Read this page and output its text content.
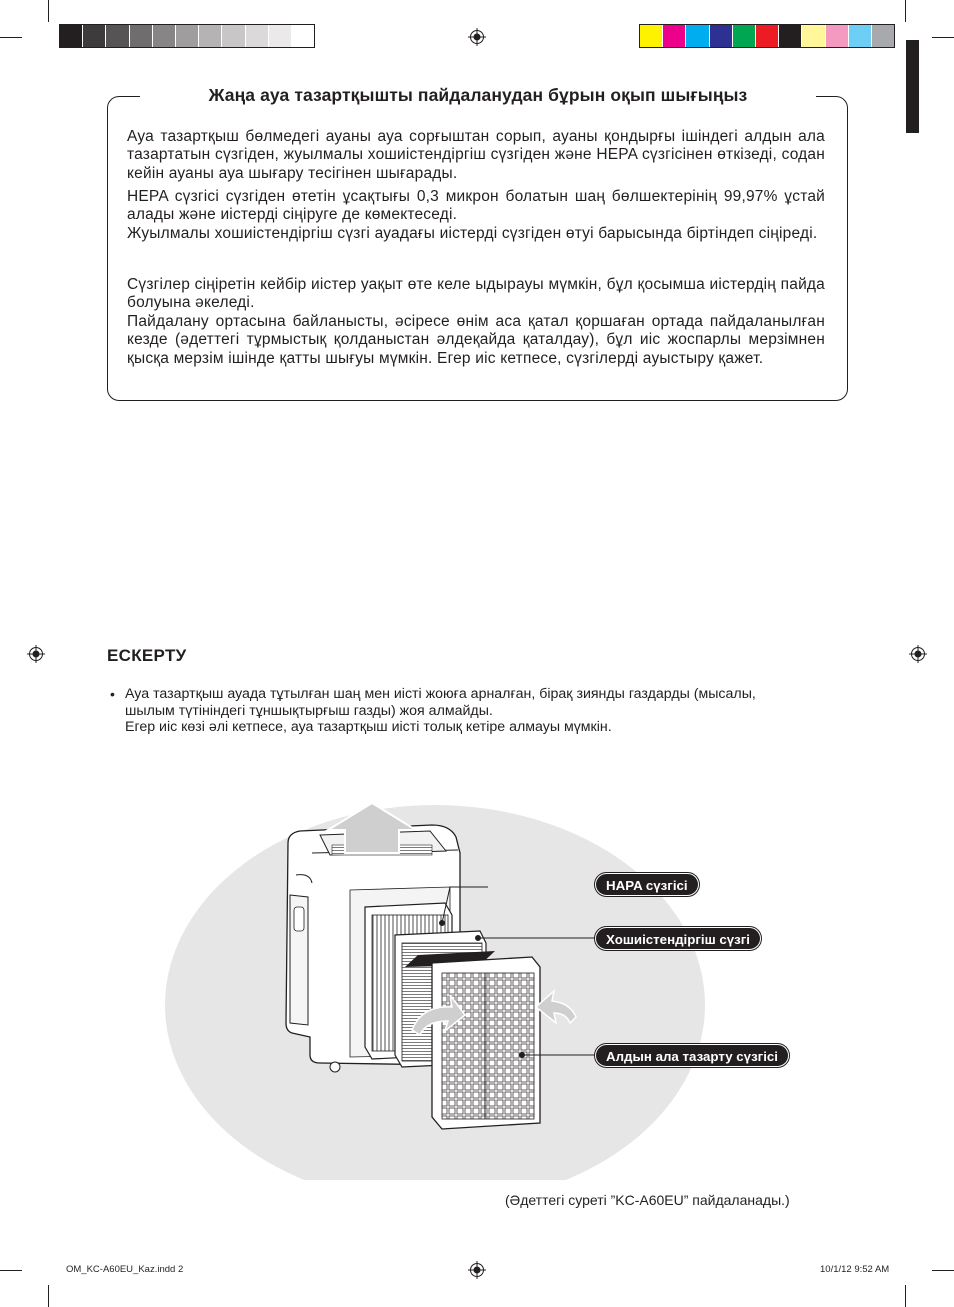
Жаңа ауа тазартқышты пайдаланудан бұрын оқып шығыңыз
Ауа тазартқыш бөлмедегі ауаны ауа сорғыштан сорып, ауаны қондырғы ішіндегі алдын ала тазартатын сүзгіден, жуылмалы хошиістендіргіш сүзгіден және HEPA сүзгісінен өткізеді, содан кейін ауаны ауа шығару тесігінен шығарады.
HEPA сүзгісі сүзгіден өтетін ұсақтығы 0,3 микрон болатын шаң бөлшектерінің 99,97% ұстай алады және иістерді сіңіруге де көмектеседі.
Жуылмалы хошиістендіргіш сүзгі ауадағы иістерді сүзгіден өтуі барысында біртіндеп сіңіреді.
Сүзгілер сіңіретін кейбір иістер уақыт өте келе ыдырауы мүмкін, бұл қосымша иістердің пайда болуына әкеледі.
Пайдалану ортасына байланысты, әсіресе өнім аса қатал қоршаған ортада пайдаланылған кезде (әдеттегі тұрмыстық қолданыстан әлдеқайда қаталдау), бұл иіс жоспарлы мерзімнен қысқа мерзім ішінде қатты шығуы мүмкін. Егер иіс кетпесе, сүзгілерді ауыстыру қажет.
ЕСКЕРТУ
• Ауа тазартқыш ауада тұтылған шаң мен иісті жоюға арналған, бірақ зиянды газдарды (мысалы,
шылым түтініндегі тұншықтырғыш газды) жоя алмайды.
Егер иіс көзі әлі кетпесе, ауа тазартқыш иісті толық кетіре алмауы мүмкін.
HAPA сүзгісі
Хошиістендіргіш сүзгі
Алдын ала тазарту сүзгісі
(Әдеттегі суреті ”KC-A60EU” пайдаланады.)
OM_KC-A60EU_Kaz.indd 2	10/1/12 9:52 AM
